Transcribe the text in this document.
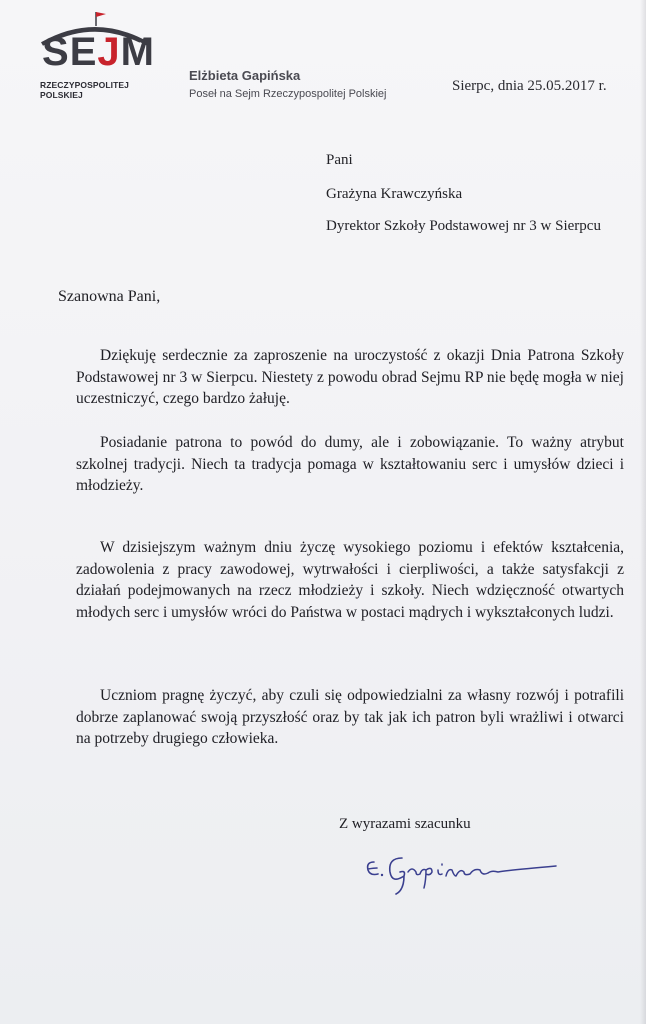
SEJM
RZECZYPOSPOLITEJ POLSKIEJ
Elżbieta Gapińska
Poseł na Sejm Rzeczypospolitej Polskiej	Sierpc, dnia 25.05.2017 r.
Pani
Grażyna Krawczyńska
Dyrektor Szkoły Podstawowej nr 3 w Sierpcu
Szanowna Pani,

Dziękuję serdecznie za zaproszenie na uroczystość z okazji Dnia Patrona Szkoły Podstawowej nr 3 w Sierpcu. Niestety z powodu obrad Sejmu RP nie będę mogła w niej uczestniczyć, czego bardzo żałuję.

Posiadanie patrona to powód do dumy, ale i zobowiązanie. To ważny atrybut szkolnej tradycji. Niech ta tradycja pomaga w kształtowaniu serc i umysłów dzieci i młodzieży.

W dzisiejszym ważnym dniu życzę wysokiego poziomu i efektów kształcenia, zadowolenia z pracy zawodowej, wytrwałości i cierpliwości, a także satysfakcji z działań podejmowanych na rzecz młodzieży i szkoły. Niech wdzięczność otwartych młodych serc i umysłów wróci do Państwa w postaci mądrych i wykształconych ludzi.

Uczniom pragnę życzyć, aby czuli się odpowiedzialni za własny rozwój i potrafili dobrze zaplanować swoją przyszłość oraz by tak jak ich patron byli wrażliwi i otwarci na potrzeby drugiego człowieka.

Z wyrazami szacunku
